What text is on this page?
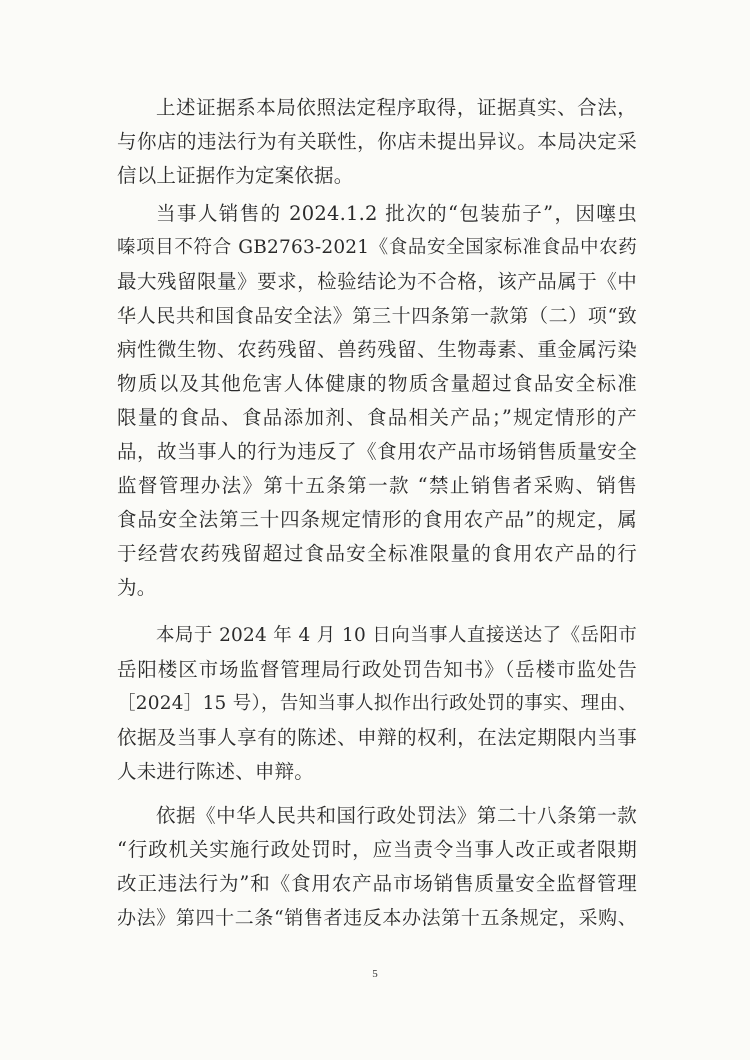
上述证据系本局依照法定程序取得，证据真实、合法，
与你店的违法行为有关联性，你店未提出异议。本局决定采
信以上证据作为定案依据。
当事人销售的 2024.1.2 批次的“包装茄子”，因噻虫
嗪项目不符合 GB2763-2021《食品安全国家标准食品中农药
最大残留限量》要求，检验结论为不合格，该产品属于《中
华人民共和国食品安全法》第三十四条第一款第（二）项“致
病性微生物、农药残留、兽药残留、生物毒素、重金属污染
物质以及其他危害人体健康的物质含量超过食品安全标准
限量的食品、食品添加剂、食品相关产品；”规定情形的产
品，故当事人的行为违反了《食用农产品市场销售质量安全
监督管理办法》第十五条第一款 “禁止销售者采购、销售
食品安全法第三十四条规定情形的食用农产品”的规定，属
于经营农药残留超过食品安全标准限量的食用农产品的行
为。
本局于 2024 年 4 月 10 日向当事人直接送达了《岳阳市
岳阳楼区市场监督管理局行政处罚告知书》（岳楼市监处告
［2024］15 号），告知当事人拟作出行政处罚的事实、理由、
依据及当事人享有的陈述、申辩的权利，在法定期限内当事
人未进行陈述、申辩。
依据《中华人民共和国行政处罚法》第二十八条第一款
“行政机关实施行政处罚时，应当责令当事人改正或者限期
改正违法行为”和《食用农产品市场销售质量安全监督管理
办法》第四十二条“销售者违反本办法第十五条规定，采购、
5
